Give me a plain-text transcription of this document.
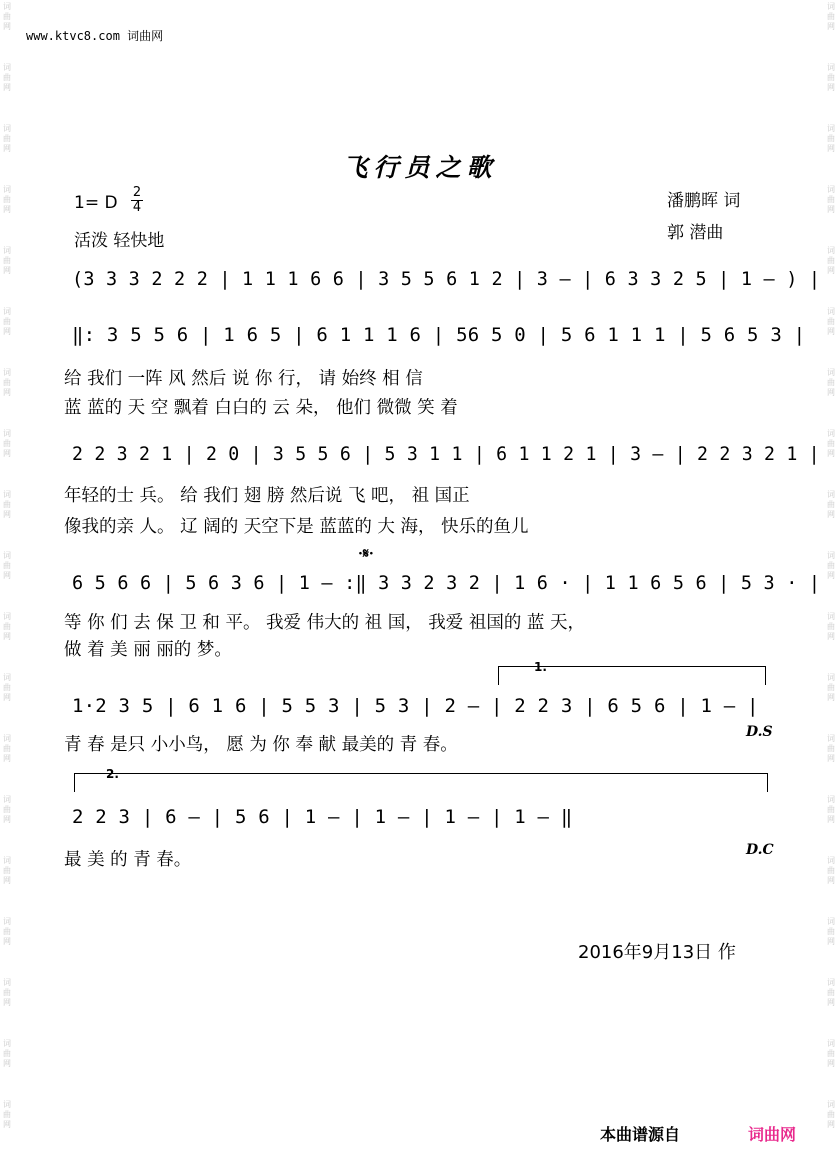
词
曲
网
词
曲
网
词
曲
网
词
曲
网
词
曲
网
词
曲
网
词
曲
网
词
曲
网
词
曲
网
词
曲
网
词
曲
网
词
曲
网
词
曲
网
词
曲
网
词
曲
网
词
曲
网
词
曲
网
词
曲
网
词
曲
网
词
曲
网
词
曲
网
词
曲
网
词
曲
网
词
曲
网
词
曲
网
词
曲
网
词
曲
网
词
曲
网
词
曲
网
词
曲
网
词
曲
网
词
曲
网
词
曲
网
词
曲
网
词
曲
网
词
曲
网
词
曲
网
词
曲
网
www.ktvc8.com 词曲网
飞行员之歌
1= D $\frac{2}{4}$
活泼 轻快地
潘鹏晖 词
郭 潜曲
(3 3 3 2 2 2 | 1 1 1 6 6 | 3 5 5 6 1 2 | 3 — | 6 3 3 2 5 | 1 — ) |
‖: 3 5 5 6 | 1 6 5 | 6 1 1 1 6 | 56 5 0 | 5 6 1 1 1 | 5 6 5 3 |
给 我们 一阵 风 然后 说 你 行， 请 始终 相 信
蓝 蓝的 天 空 飘着 白白的 云 朵， 他们 微微 笑 着
2 2 3 2 1 | 2 0 | 3 5 5 6 | 5 3 1 1 | 6 1 1 2 1 | 3 — | 2 2 3 2 1 |
年轻的士 兵。 给 我们 翅 膀 然后说 飞 吧， 祖 国正
像我的亲 人。 辽 阔的 天空下是 蓝蓝的 大 海， 快乐的鱼儿
·𝄋·
6 5 6 6 | 5 6 3 6 | 1 — :‖ 3 3 2 3 2 | 1 6 · | 1 1 6 5 6 | 5 3 · |
等 你 们 去 保 卫 和 平。 我爱 伟大的 祖 国， 我爱 祖国的 蓝 天，
做 着 美 丽 丽的 梦。
1.
1·2 3 5 | 6 1 6 | 5 5 3 | 5 3 | 2 — | 2 2 3 | 6 5 6 | 1 — |
青 春 是只 小小鸟， 愿 为 你 奉 献 最美的 青 春。
D.S
2.
2 2 3 | 6 — | 5 6 | 1 — | 1 — | 1 — | 1 — ‖
最 美 的 青 春。	D.C
2016年9月13日 作
本曲谱源自	词曲网
